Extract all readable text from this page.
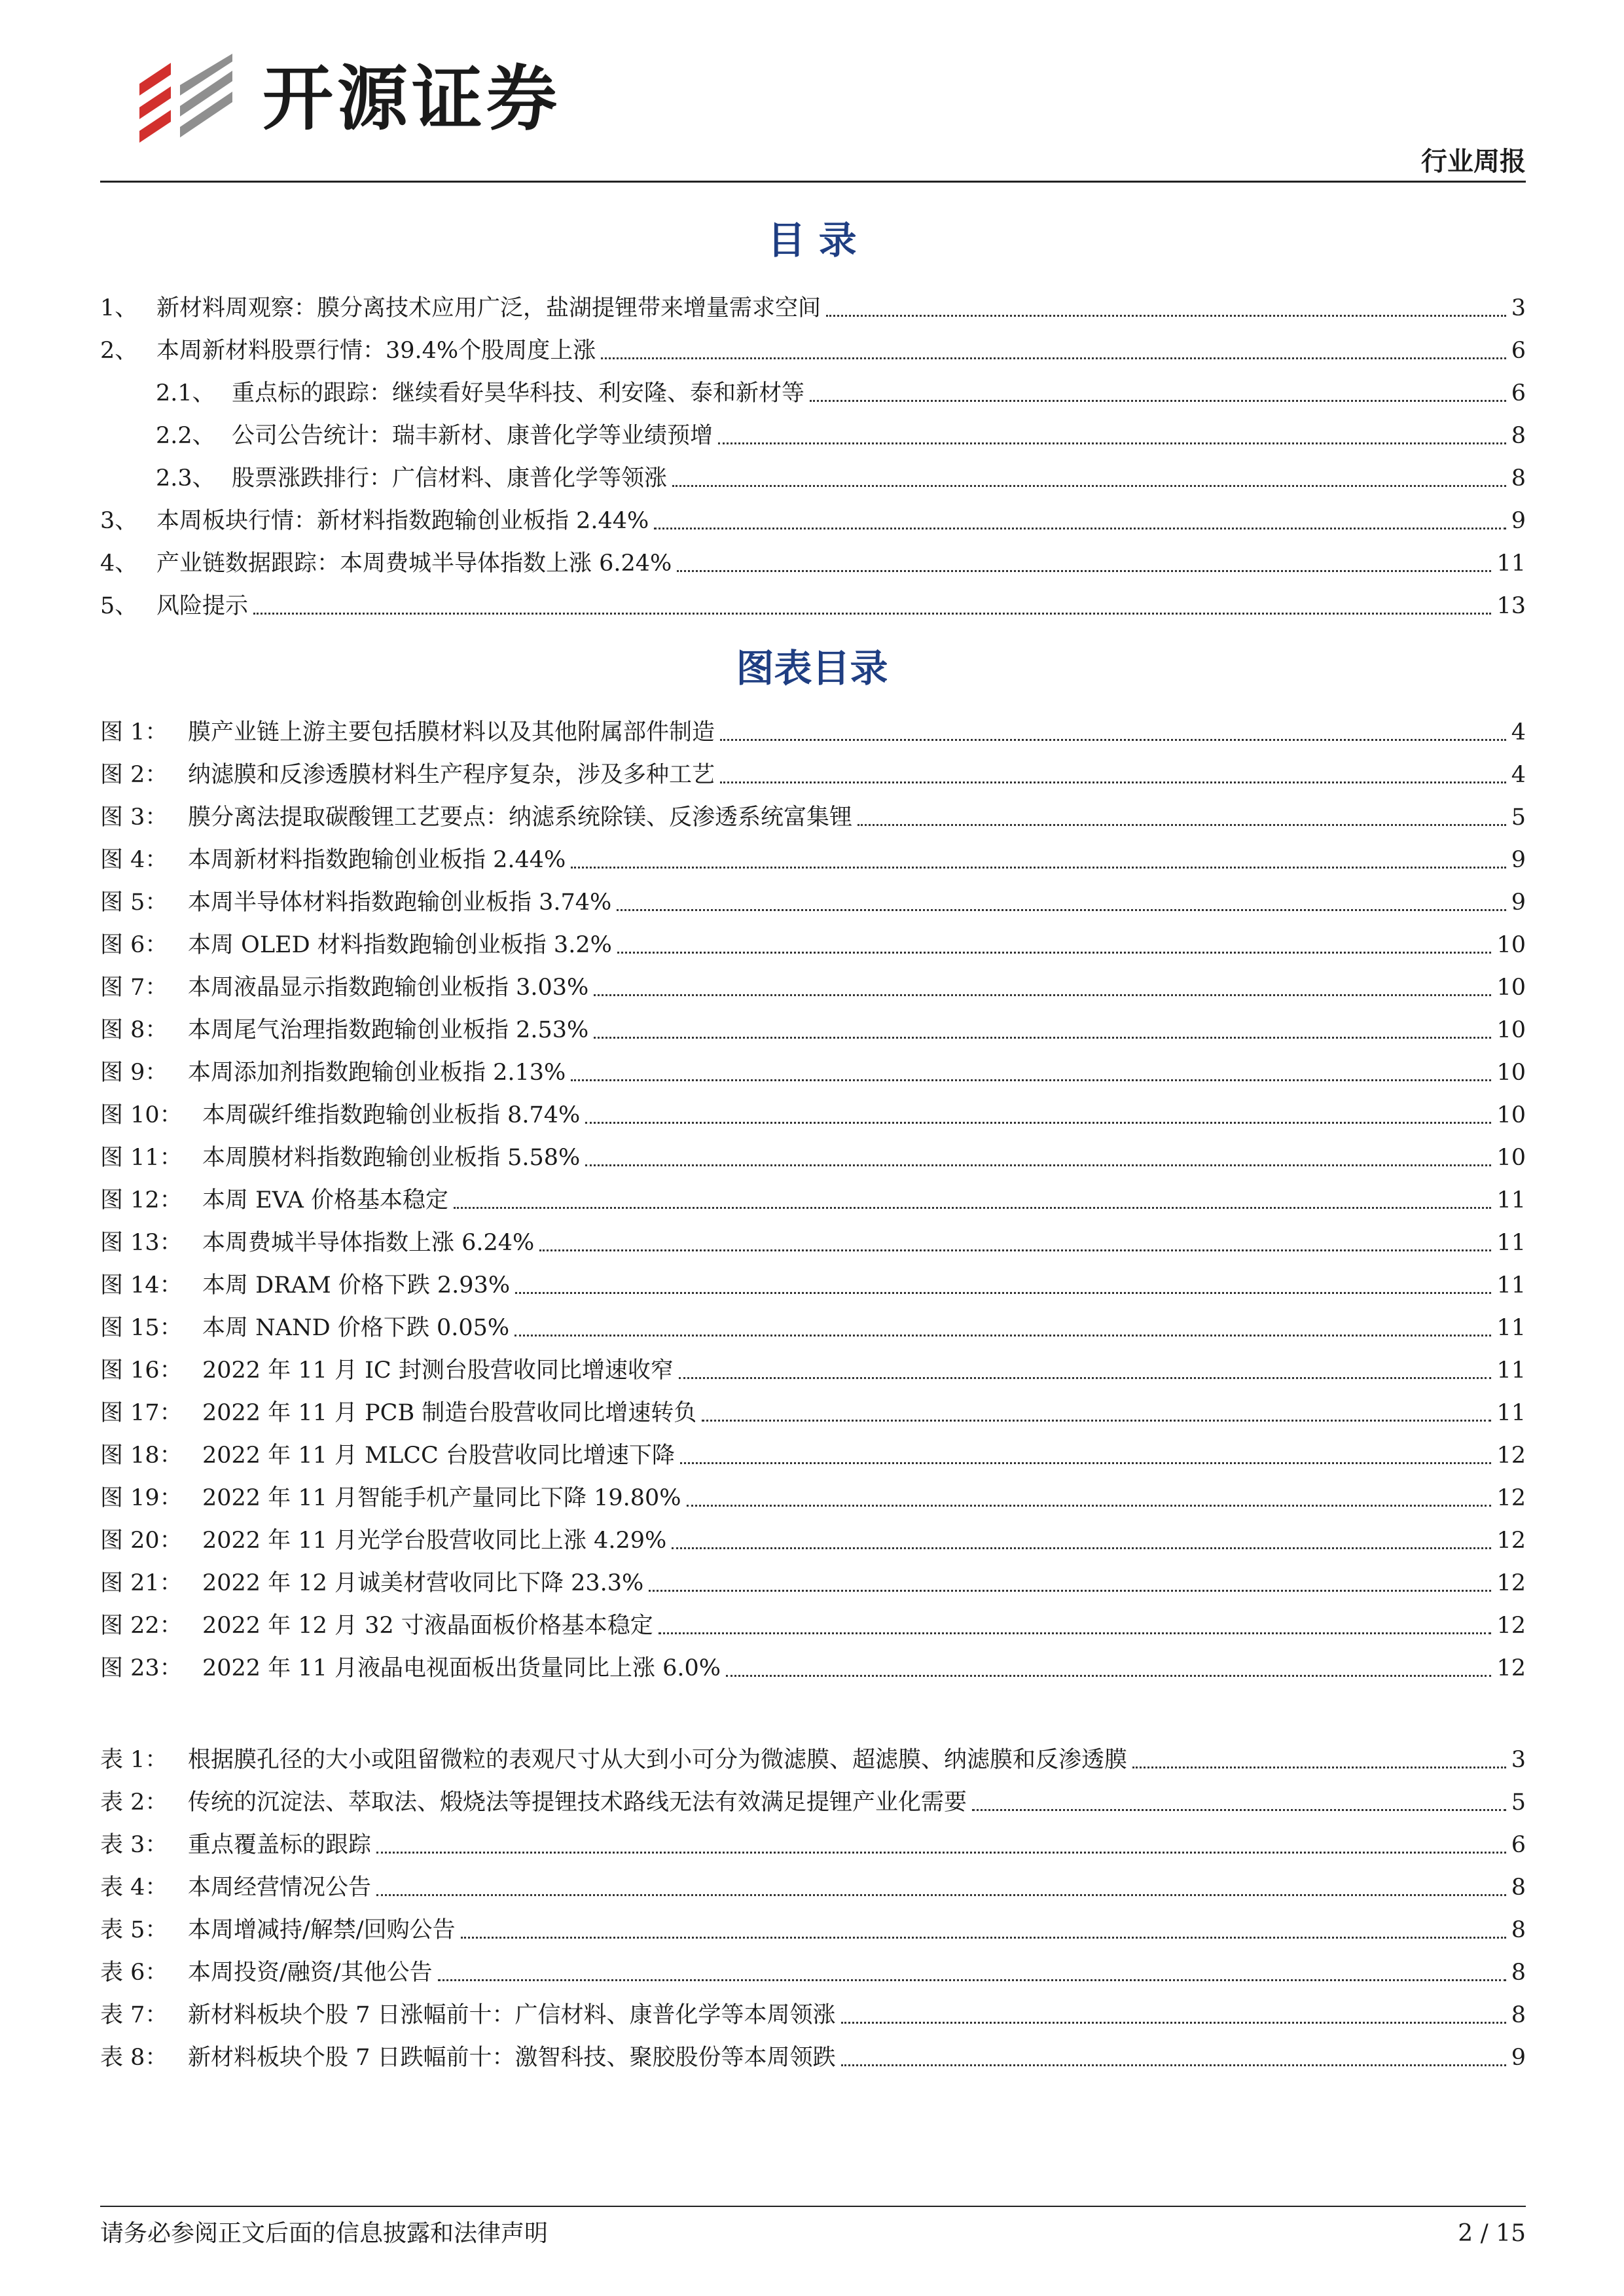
开源证券
行业周报
目 录
1、 新材料周观察：膜分离技术应用广泛，盐湖提锂带来增量需求空间	3
2、 本周新材料股票行情：39.4%个股周度上涨	6
2.1、 重点标的跟踪：继续看好昊华科技、利安隆、泰和新材等	6
2.2、 公司公告统计：瑞丰新材、康普化学等业绩预增	8
2.3、 股票涨跌排行：广信材料、康普化学等领涨	8
3、 本周板块行情：新材料指数跑输创业板指 2.44%	9
4、 产业链数据跟踪：本周费城半导体指数上涨 6.24%	11
5、 风险提示	13
图表目录
图 1： 膜产业链上游主要包括膜材料以及其他附属部件制造	4
图 2： 纳滤膜和反渗透膜材料生产程序复杂，涉及多种工艺	4
图 3： 膜分离法提取碳酸锂工艺要点：纳滤系统除镁、反渗透系统富集锂	5
图 4： 本周新材料指数跑输创业板指 2.44%	9
图 5： 本周半导体材料指数跑输创业板指 3.74%	9
图 6： 本周 OLED 材料指数跑输创业板指 3.2%	10
图 7： 本周液晶显示指数跑输创业板指 3.03%	10
图 8： 本周尾气治理指数跑输创业板指 2.53%	10
图 9： 本周添加剂指数跑输创业板指 2.13%	10
图 10： 本周碳纤维指数跑输创业板指 8.74%	10
图 11： 本周膜材料指数跑输创业板指 5.58%	10
图 12： 本周 EVA 价格基本稳定	11
图 13： 本周费城半导体指数上涨 6.24%	11
图 14： 本周 DRAM 价格下跌 2.93%	11
图 15： 本周 NAND 价格下跌 0.05%	11
图 16： 2022 年 11 月 IC 封测台股营收同比增速收窄	11
图 17： 2022 年 11 月 PCB 制造台股营收同比增速转负	11
图 18： 2022 年 11 月 MLCC 台股营收同比增速下降	12
图 19： 2022 年 11 月智能手机产量同比下降 19.80%	12
图 20： 2022 年 11 月光学台股营收同比上涨 4.29%	12
图 21： 2022 年 12 月诚美材营收同比下降 23.3%	12
图 22： 2022 年 12 月 32 寸液晶面板价格基本稳定	12
图 23： 2022 年 11 月液晶电视面板出货量同比上涨 6.0%	12
表 1： 根据膜孔径的大小或阻留微粒的表观尺寸从大到小可分为微滤膜、超滤膜、纳滤膜和反渗透膜	3
表 2： 传统的沉淀法、萃取法、煅烧法等提锂技术路线无法有效满足提锂产业化需要	5
表 3： 重点覆盖标的跟踪	6
表 4： 本周经营情况公告	8
表 5： 本周增减持/解禁/回购公告	8
表 6： 本周投资/融资/其他公告	8
表 7： 新材料板块个股 7 日涨幅前十：广信材料、康普化学等本周领涨	8
表 8： 新材料板块个股 7 日跌幅前十：激智科技、聚胶股份等本周领跌	9
请务必参阅正文后面的信息披露和法律声明	2 / 15
